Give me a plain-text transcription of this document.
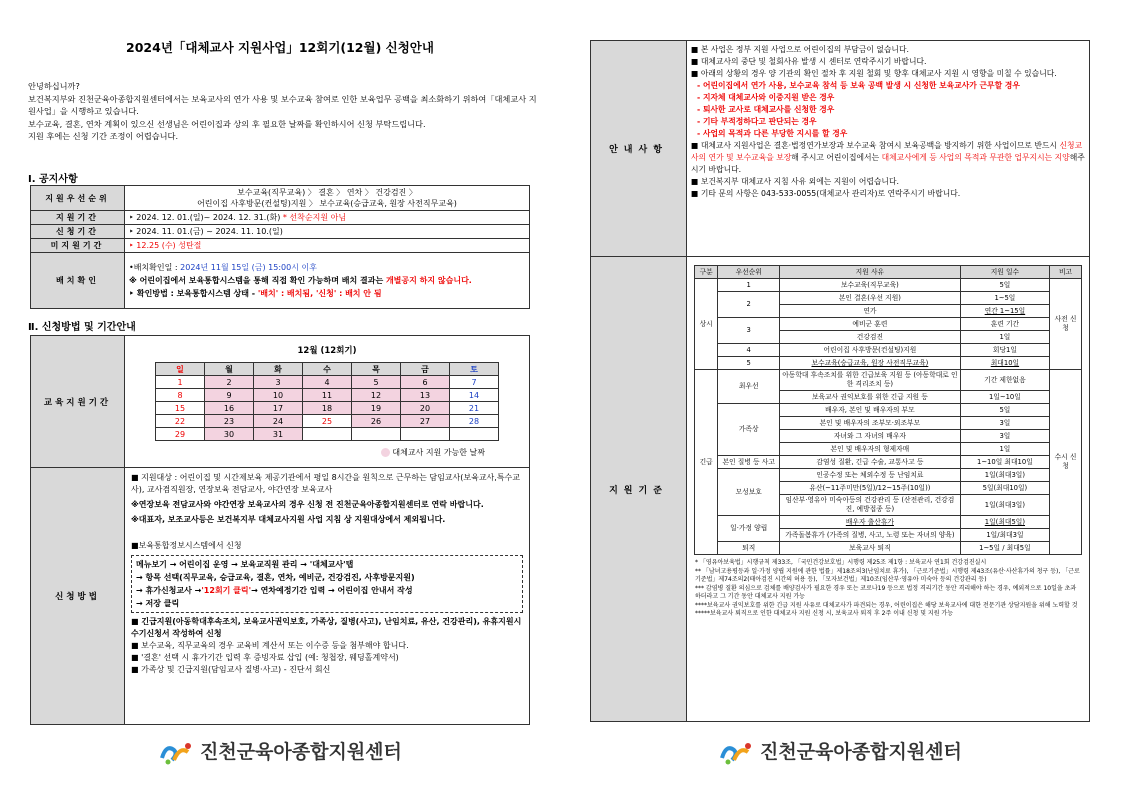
2024년「대체교사 지원사업」12회기(12월) 신청안내
안녕하십니까?
보건복지부와 진천군육아종합지원센터에서는 보육교사의 연가 사용 및 보수교육 참여로 인한 보육업무 공백을 최소화하기 위하여「대체교사 지원사업」을 시행하고 있습니다.
보수교육, 결혼, 연차 계획이 있으신 선생님은 어린이집과 상의 후 필요한 날짜를 확인하시어 신청 부탁드립니다.
지원 후에는 신청 기간 조정이 어렵습니다.
Ⅰ. 공지사항
지원우선순위	보수교육(직무교육) 〉 결혼 〉 연차 〉 건강검진 〉
어린이집 사후방문(컨설팅)지원 〉 보수교육(승급교육, 원장 사전직무교육)

지원기간	‣ 2024. 12. 01.(일)~ 2024. 12. 31.(화) * 선착순지원 아님
신청기간	‣ 2024. 11. 01.(금) ~ 2024. 11. 10.(일)
미지원기간	‣ 12.25 (수) 성탄절
배치확인	•배치확인일 : 2024년 11월 15일 (금) 15:00시 이후
※ 어린이집에서 보육통합시스템을 통해 직접 확인 가능하며 배치 결과는 개별공지 하지 않습니다.
‣ 확인방법 : 보육통합시스템 상태 - '배치' : 배치됨, '신청' : 배치 안 됨
Ⅱ. 신청방법 및 기간안내
교육지원기간	
12월 (12회기)
일	월	화	수	목	금	토
1	2	3	4	5	6	7
8	9	10	11	12	13	14
15	16	17	18	19	20	21
22	23	24	25	26	27	28
29	30	31				
대체교사 지원 가능한 날짜

신청방법	
■ 지원대상 : 어린이집 및 시간제보육 제공기관에서 평일 8시간을 원칙으로 근무하는 담임교사(보육교사,특수교사), 교사겸직원장, 연장보육 전담교사, 야간연장 보육교사
※연장보육 전담교사와 야간연장 보육교사의 경우 신청 전 진천군육아종합지원센터로 연락 바랍니다.
※대표자, 보조교사등은 보건복지부 대체교사지원 사업 지침 상 지원대상에서 제외됩니다.
■보육통합정보시스템에서 신청
메뉴보기 → 어린이집 운영 → 보육교직원 관리 → '대체교사'탭
→ 항목 선택(직무교육, 승급교육, 결혼, 연차, 예비군, 건강검진, 사후방문지원)
→ 휴가신청교사 →'12회기 클릭'→ 연차예정기간 입력 → 어린이집 안내서 작성
→ 저장 클릭
■ 긴급지원(아동학대후속조치, 보육교사권익보호, 가족상, 질병(사고), 난임치료, 유산, 건강관리), 유휴지원시 수기신청서 작성하여 신청
■ 보수교육, 직무교육의 경우 교육비 계산서 또는 이수증 등을 첨부해야 합니다.
■ '결혼' 선택 시 휴가기간 입력 후 증빙자료 삽입 (예: 청첩장, 웨딩홀계약서)
■ 가족상 및 긴급지원(담임교사 질병·사고) - 진단서 회신
진천군육아종합지원센터
안내사항	
■ 본 사업은 정부 지원 사업으로 어린이집의 부담금이 없습니다.
■ 대체교사의 중단 및 철회사유 발생 시 센터로 연락주시기 바랍니다.
■ 아래의 상황의 경우 양 기관의 확인 절차 후 지원 철회 및 향후 대체교사 지원 시 영향을 미칠 수 있습니다.
- 어린이집에서 연가 사용, 보수교육 참석 등 보육 공백 발생 시 신청한 보육교사가 근무할 경우
- 지자체 대체교사와 이중지원 받은 경우
- 퇴사한 교사로 대체교사를 신청한 경우
- 기타 부적정하다고 판단되는 경우
- 사업의 목적과 다른 부당한 지시를 할 경우
■ 대체교사 지원사업은 결혼·법정연가보장과 보수교육 참여시 보육공백을 방지하기 위한 사업이므로 반드시 신청교사의 연가 및 보수교육을 보장해 주시고 어린이집에서는 대체교사에게 등 사업의 목적과 무관한 업무지시는 지양해주시기 바랍니다.
■ 보건복지부 대체교사 지침 사유 외에는 지원이 어렵습니다.
■ 기타 문의 사항은 043-533-0055(대체교사 관리자)로 연락주시기 바랍니다.

지원기준	
구분	우선순위	지원 사유	지원 일수	비고
상시	1	보수교육(직무교육)	5일	사전 신청
2	본인 결혼(우선 지원)	1~5일
연가	연간 1~15일
3	예비군 훈련	훈련 기간
건강검진	1일
4	어린이집 사후방문(컨설팅)지원	회당1일
5	보수교육(승급교육, 원장 사전직무교육)	최대10일
긴급	최우선	아동학대 후속조치를 위한 긴급보육 지원 등 (아동학대로 인한 격리조치 등)	기간 제한없음	수시 신청
보육교사 권익보호를 위한 긴급 지원 등	1일~10일
가족상	배우자, 본인 및 배우자의 부모	5일
본인 및 배우자의 조부모·외조부모	3일
자녀와 그 자녀의 배우자	3일
본인 및 배우자의 형제자매	1일
본인 질병 등 사고	감염성 질환, 긴급 수술, 교통사고 등	1~10일 최대10일
모성보호	인공수정 또는 체외수정 등 난임치료	1일(최대3일)
유산(~11주미만(5일)/12~15주(10일))	5일(최대10일)
임산부·영유아 미숙아등의 건강관리 등 (산전관리, 건강검진, 예방접종 등)	1일(최대3일)
일·가정 양립	배우자 출산휴가	1일(최대5일)
가족돌봄휴가 (가족의 질병, 사고, 노령 또는 자녀의 양육)	1일/최대3일
퇴직	보육교사 퇴직	1~5일 / 최대5일
* 「영유아보육법」시행규칙 제33조, 「국민건강보호법」시행령 제25조 제1항 : 보육교사 연1회 건강검진실시
** 「남녀고용평등과 일·가정 양립 지원에 관한 법률」제18조의3(난임치료 휴가), 「근로기준법」시행령 제43조(유산·사산휴가의 청구 등), 「근로기준법」제74조의2(태아검진 시간의 허용 등), 「모자보건법」제10조(임산부·영유아 미숙아 등의 건강관리 등)
*** 감염병 질환 의심으로 검체를 배양검사가 필요한 경우 또는 코로나19 등으로 법정 격리기간 동안 격리해야 하는 경우, 예외적으로 10일을 초과하더라고 그 기간 동안 대체교사 지원 가능
****보육교사 권익보호를 위한 긴급 지원 사유로 대체교사가 파견되는 경우, 어린이집은 해당 보육교사에 대한 전문기관 상담지원을 위해 노력할 것
*****보육교사 퇴직으로 인한 대체교사 지원 신청 시, 보육교사 퇴직 후 2주 이내 신청 및 지원 가능
진천군육아종합지원센터
